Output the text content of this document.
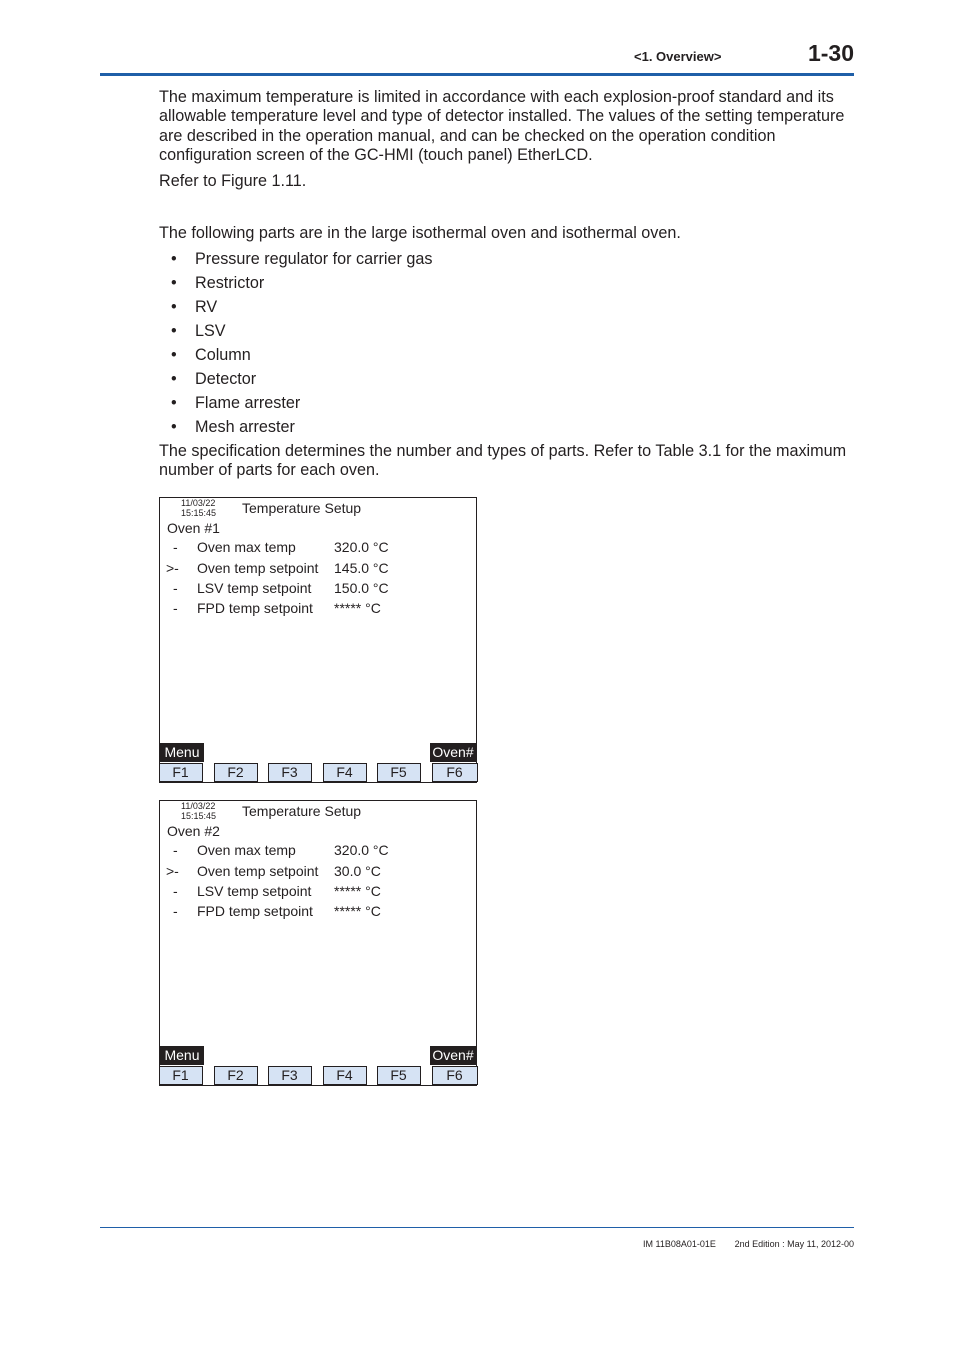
<1. Overview>	1-30

The maximum temperature is limited in accordance with each explosion-proof standard and its allowable temperature level and type of detector installed. The values of the setting temperature are described in the operation manual, and can be checked on the operation condition configuration screen of the GC-HMI (touch panel) EtherLCD.

Refer to Figure 1.11.

The following parts are in the large isothermal oven and isothermal oven.

• Pressure regulator for carrier gas
• Restrictor
• RV
• LSV
• Column
• Detector
• Flame arrester
• Mesh arrester

The specification determines the number and types of parts. Refer to Table 3.1 for the maximum number of parts for each oven.

11/03/22
15:15:45 Temperature Setup
Oven #1
-	Oven max temp	320.0 °C
>-	Oven temp setpoint 145.0 °C
-	LSV temp setpoint 150.0 °C
-	FPD temp setpoint ***** °C
Menu	Oven#
F1	F2	F3	F4	F5	F6
11/03/22
15:15:45 Temperature Setup
Oven #2
-	Oven max temp	320.0 °C
>-	Oven temp setpoint 30.0 °C
-	LSV temp setpoint ***** °C
-	FPD temp setpoint ***** °C
Menu	Oven#
F1	F2	F3	F4	F5	F6
IM 11B08A01-01E 2nd Edition : May 11, 2012-00
